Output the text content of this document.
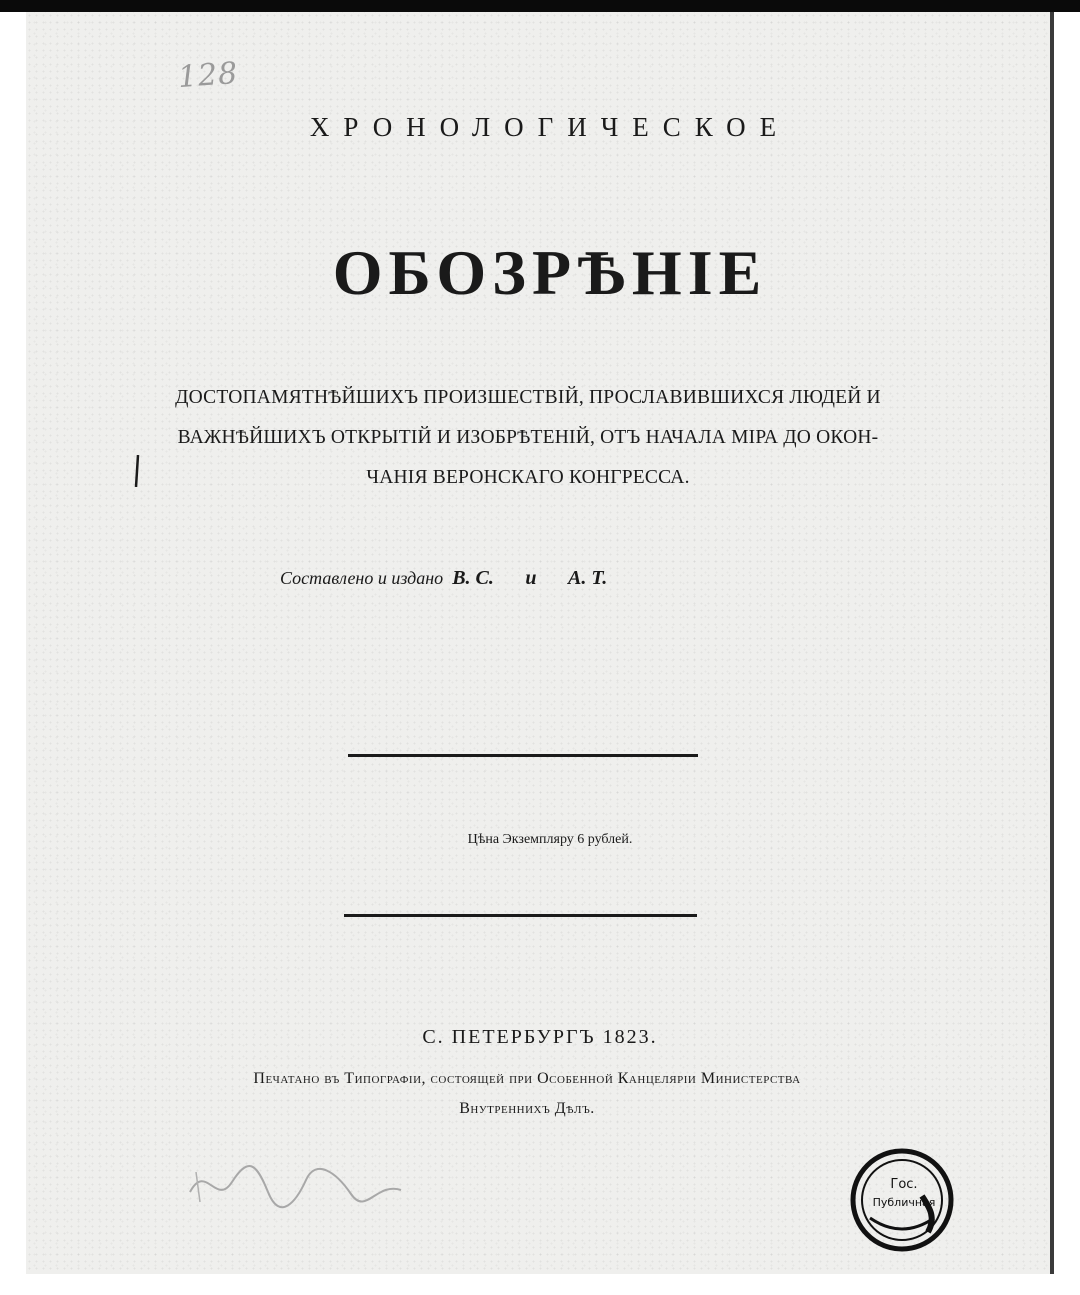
128
ХРОНОЛОГИЧЕСКОЕ
ОБОЗРѢНІЕ
ДОСТОПАМЯТНѢЙШИХЪ ПРОИЗШЕСТВІЙ, ПРОСЛАВИВШИХСЯ ЛЮДЕЙ И
ВАЖНѢЙШИХЪ ОТКРЫТІЙ И ИЗОБРѢТЕНІЙ, ОТЪ НАЧАЛА МІРА ДО ОКОН-
ЧАНІЯ ВЕРОНСКАГО КОНГРЕССА.
Составлено и издано В. С. и А. Т.
Цѣна Экземпляру 6 рублей.
С. ПЕТЕРБУРГЪ 1823.
Печатано въ Типографіи, состоящей при Особенной Канцеляріи Министерства
Внутреннихъ Дѣлъ.
Гос.
Публичная
